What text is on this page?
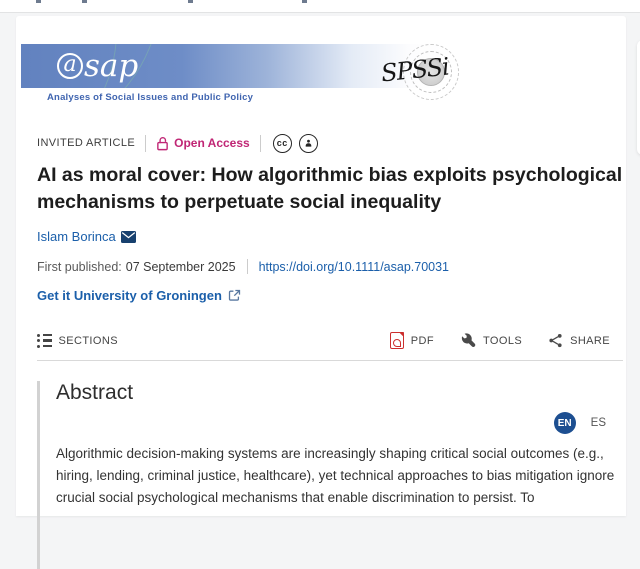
a sap
Analyses of Social Issues and Public Policy
SPSSi
INVITED ARTICLE	Open Access	cc
AI as moral cover: How algorithmic bias exploits psychological mechanisms to perpetuate social inequality
Islam Borinca
First published: 07 September 2025 https://doi.org/10.1111/asap.70031
Get it University of Groningen
SECTIONS	PDF	TOOLS	SHARE
Abstract
EN	ES

Algorithmic decision-making systems are increasingly shaping critical social outcomes (e.g., hiring, lending, criminal justice, healthcare), yet technical approaches to bias mitigation ignore crucial social psychological mechanisms that enable discrimination to persist. To
